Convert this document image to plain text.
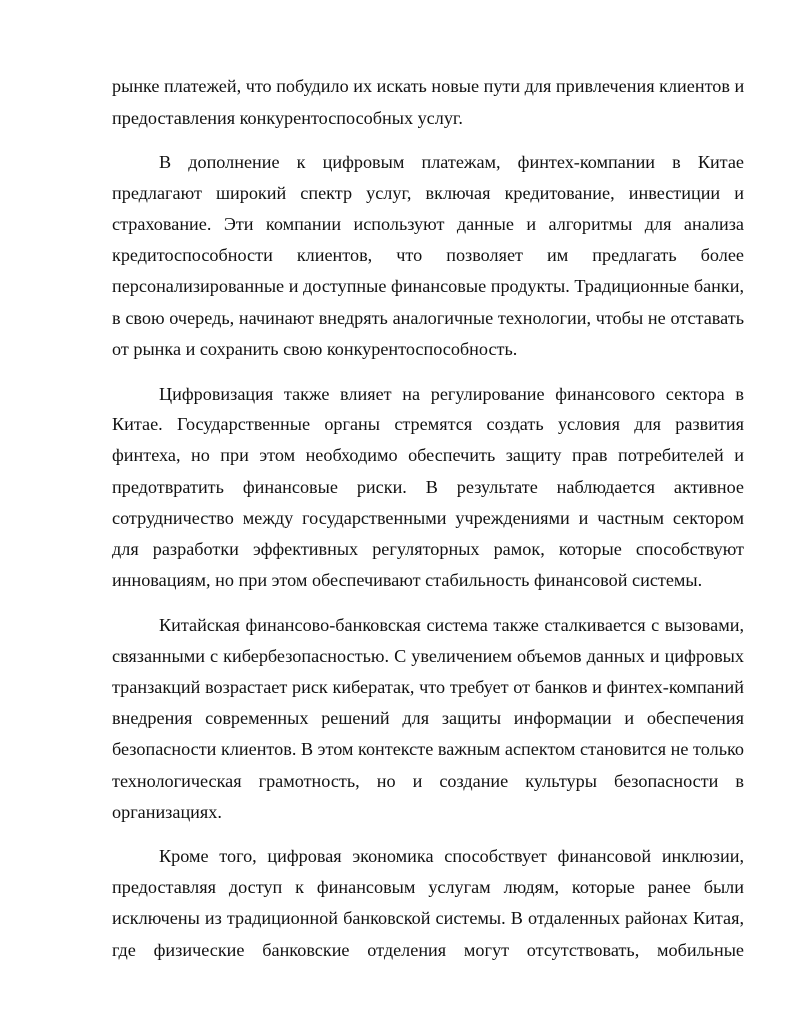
рынке платежей, что побудило их искать новые пути для привлечения клиентов и
предоставления конкурентоспособных услуг.
В дополнение к цифровым платежам, финтех-компании в Китае
предлагают широкий спектр услуг, включая кредитование, инвестиции и
страхование. Эти компании используют данные и алгоритмы для анализа
кредитоспособности клиентов, что позволяет им предлагать более
персонализированные и доступные финансовые продукты. Традиционные банки,
в свою очередь, начинают внедрять аналогичные технологии, чтобы не отставать
от рынка и сохранить свою конкурентоспособность.
Цифровизация также влияет на регулирование финансового сектора в
Китае. Государственные органы стремятся создать условия для развития
финтеха, но при этом необходимо обеспечить защиту прав потребителей и
предотвратить финансовые риски. В результате наблюдается активное
сотрудничество между государственными учреждениями и частным сектором
для разработки эффективных регуляторных рамок, которые способствуют
инновациям, но при этом обеспечивают стабильность финансовой системы.
Китайская финансово-банковская система также сталкивается с вызовами,
связанными с кибербезопасностью. С увеличением объемов данных и цифровых
транзакций возрастает риск кибератак, что требует от банков и финтех-компаний
внедрения современных решений для защиты информации и обеспечения
безопасности клиентов. В этом контексте важным аспектом становится не только
технологическая грамотность, но и создание культуры безопасности в
организациях.
Кроме того, цифровая экономика способствует финансовой инклюзии,
предоставляя доступ к финансовым услугам людям, которые ранее были
исключены из традиционной банковской системы. В отдаленных районах Китая,
где физические банковские отделения могут отсутствовать, мобильные
